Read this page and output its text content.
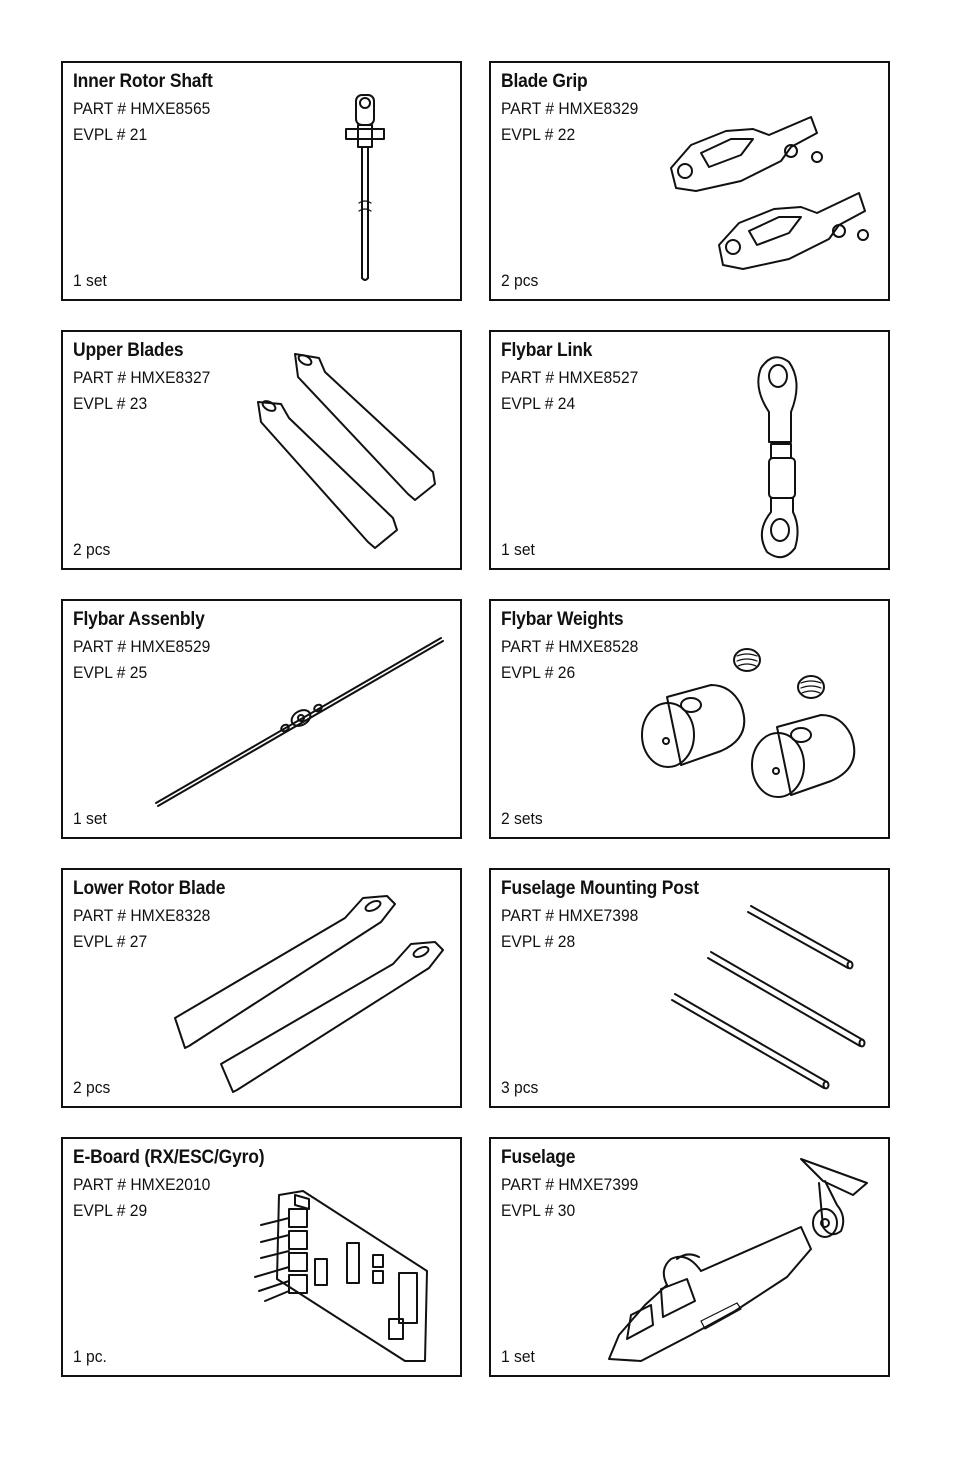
Inner Rotor Shaft
PART # HMXE8565
EVPL # 21
1 set
Blade Grip
PART # HMXE8329
EVPL # 22
2 pcs
Upper Blades
PART # HMXE8327
EVPL # 23
2 pcs
Flybar Link
PART # HMXE8527
EVPL # 24
1 set
Flybar Assenbly
PART # HMXE8529
EVPL # 25
1 set
Flybar Weights
PART # HMXE8528
EVPL # 26
2 sets
Lower Rotor Blade
PART # HMXE8328
EVPL # 27
2 pcs
Fuselage Mounting Post
PART # HMXE7398
EVPL # 28
3 pcs
E-Board (RX/ESC/Gyro)
PART # HMXE2010
EVPL # 29
1 pc.
Fuselage
PART # HMXE7399
EVPL # 30
1 set
